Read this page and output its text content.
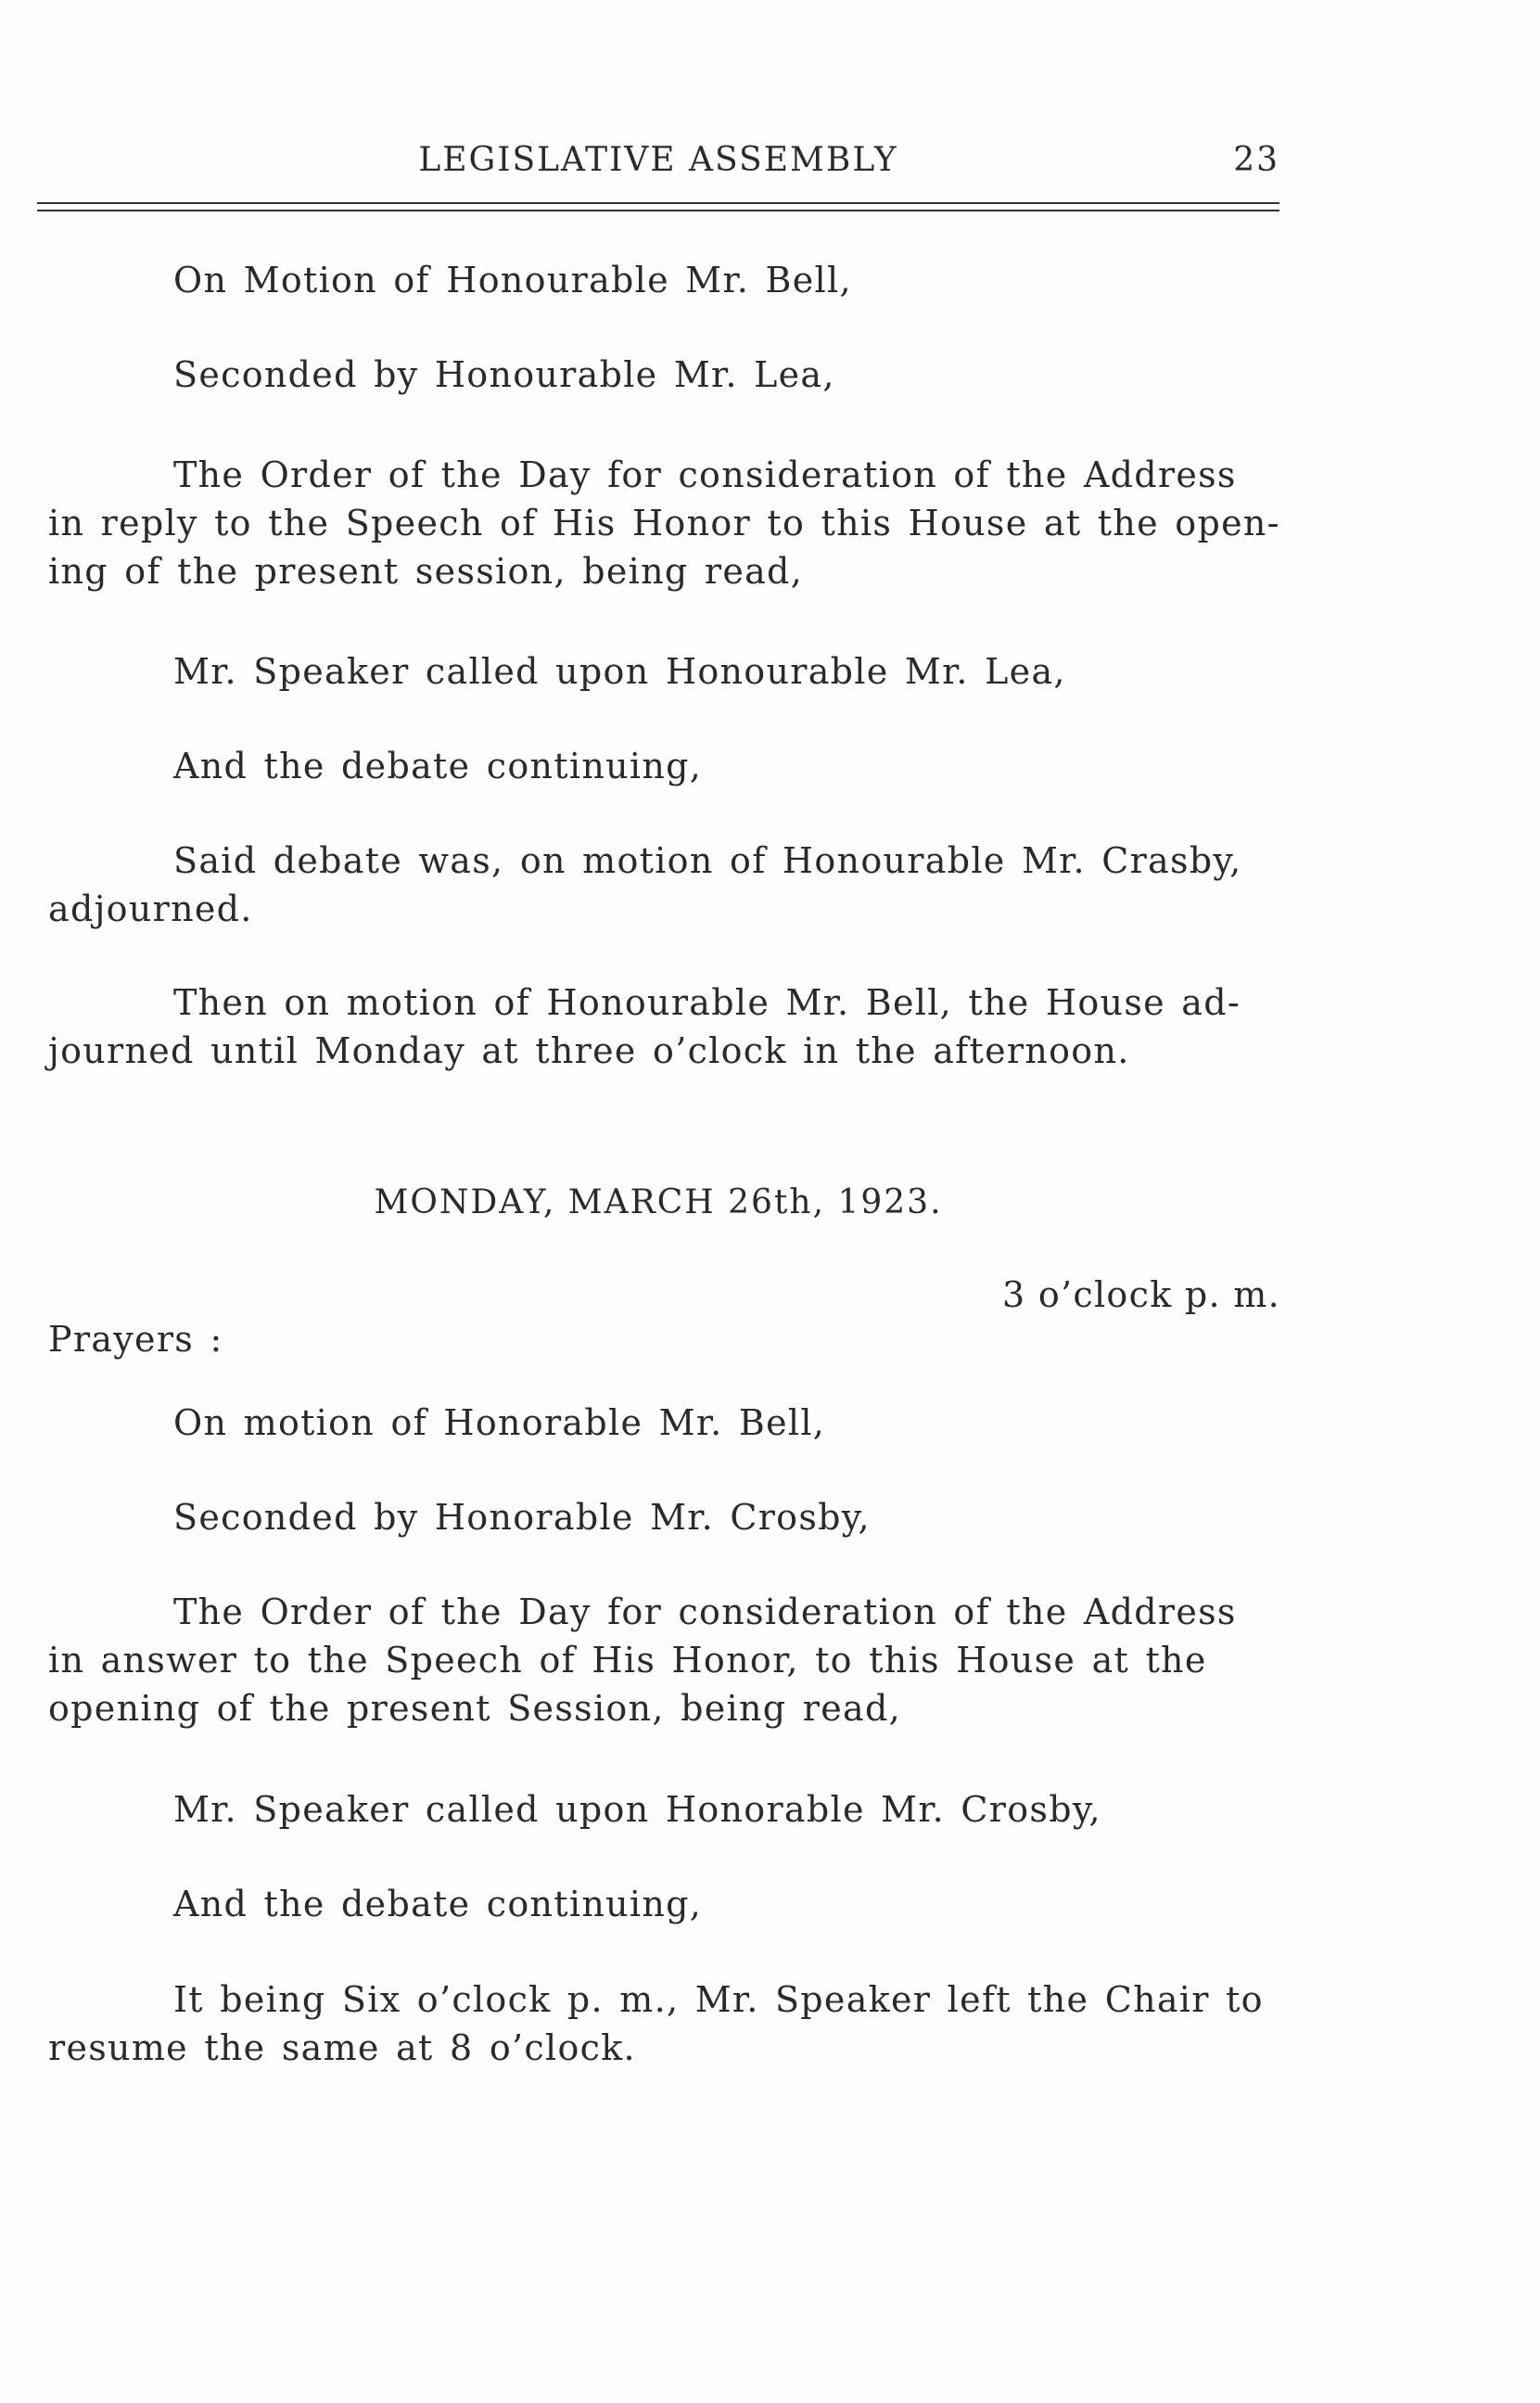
LEGISLATIVE ASSEMBLY	23
On Motion of Honourable Mr. Bell,
Seconded by Honourable Mr. Lea,
The Order of the Day for consideration of the Address
in reply to the Speech of His Honor to this House at the open-
ing of the present session, being read,
Mr. Speaker called upon Honourable Mr. Lea,
And the debate continuing,
Said debate was, on motion of Honourable Mr. Crasby,
adjourned.
Then on motion of Honourable Mr. Bell, the House ad-
journed until Monday at three o’clock in the afternoon.
MONDAY, MARCH 26th, 1923.
3 o’clock p. m.
Prayers :
On motion of Honorable Mr. Bell,
Seconded by Honorable Mr. Crosby,
The Order of the Day for consideration of the Address
in answer to the Speech of His Honor, to this House at the
opening of the present Session, being read,
Mr. Speaker called upon Honorable Mr. Crosby,
And the debate continuing,
It being Six o’clock p. m., Mr. Speaker left the Chair to
resume the same at 8 o’clock.
